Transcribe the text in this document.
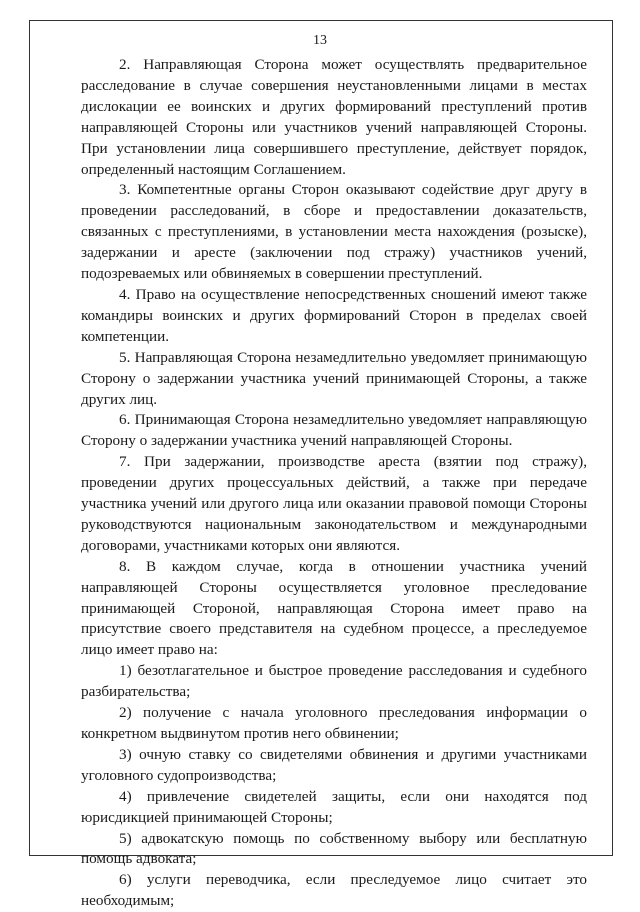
13

2. Направляющая Сторона может осуществлять предварительное расследование в случае совершения неустановленными лицами в местах дислокации ее воинских и других формирований преступлений против направляющей Стороны или участников учений направляющей Стороны. При установлении лица совершившего преступление, действует порядок, определенный настоящим Соглашением.

3. Компетентные органы Сторон оказывают содействие друг другу в проведении расследований, в сборе и предоставлении доказательств, связанных с преступлениями, в установлении места нахождения (розыске), задержании и аресте (заключении под стражу) участников учений, подозреваемых или обвиняемых в совершении преступлений.

4. Право на осуществление непосредственных сношений имеют также командиры воинских и других формирований Сторон в пределах своей компетенции.

5. Направляющая Сторона незамедлительно уведомляет принимающую Сторону о задержании участника учений принимающей Стороны, а также других лиц.

6. Принимающая Сторона незамедлительно уведомляет направляющую Сторону о задержании участника учений направляющей Стороны.

7. При задержании, производстве ареста (взятии под стражу), проведении других процессуальных действий, а также при передаче участника учений или другого лица или оказании правовой помощи Стороны руководствуются национальным законодательством и международными договорами, участниками которых они являются.

8. В каждом случае, когда в отношении участника учений направляющей Стороны осуществляется уголовное преследование принимающей Стороной, направляющая Сторона имеет право на присутствие своего представителя на судебном процессе, а преследуемое лицо имеет право на:

1) безотлагательное и быстрое проведение расследования и судебного разбирательства;

2) получение с начала уголовного преследования информации о конкретном выдвинутом против него обвинении;

3) очную ставку со свидетелями обвинения и другими участниками уголовного судопроизводства;

4) привлечение свидетелей защиты, если они находятся под юрисдикцией принимающей Стороны;

5) адвокатскую помощь по собственному выбору или бесплатную помощь адвоката;

6) услуги переводчика, если преследуемое лицо считает это необходимым;
